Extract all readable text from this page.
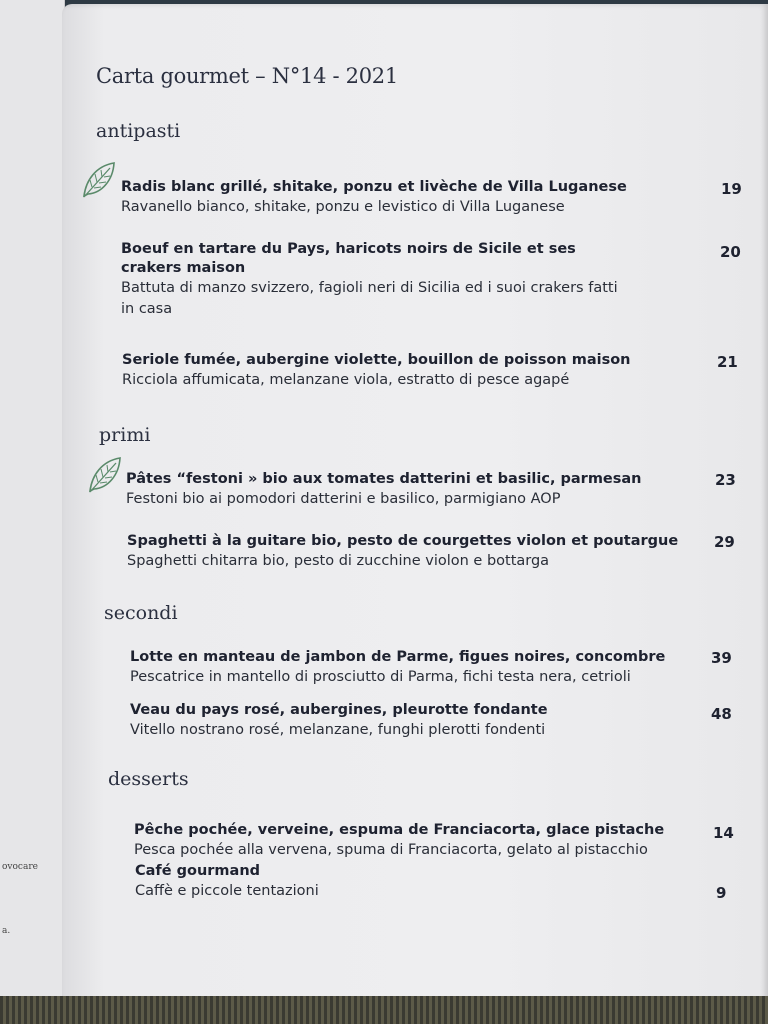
ovocare
a.
Carta gourmet – N°14 - 2021
antipasti
Radis blanc grillé, shitake, ponzu et livèche de Villa Luganese
Ravanello bianco, shitake, ponzu e levistico di Villa Luganese
19
Boeuf en tartare du Pays, haricots noirs de Sicile et ses crakers maison
Battuta di manzo svizzero, fagioli neri di Sicilia ed i suoi crakers fatti in casa
20
Seriole fumée, aubergine violette, bouillon de poisson maison
Ricciola affumicata, melanzane viola, estratto di pesce agapé
21
primi
Pâtes “festoni » bio aux tomates datterini et basilic, parmesan
Festoni bio ai pomodori datterini e basilico, parmigiano AOP
23
Spaghetti à la guitare bio, pesto de courgettes violon et poutargue
Spaghetti chitarra bio, pesto di zucchine violon e bottarga
29
secondi
Lotte en manteau de jambon de Parme, figues noires, concombre
Pescatrice in mantello di prosciutto di Parma, fichi testa nera, cetrioli
39
Veau du pays rosé, aubergines, pleurotte fondante
Vitello nostrano rosé, melanzane, funghi plerotti fondenti
48
desserts
Pêche pochée, verveine, espuma de Franciacorta, glace pistache
Pesca pochée alla vervena, spuma di Franciacorta, gelato al pistacchio
14
Café gourmand
Caffè e piccole tentazioni	9
